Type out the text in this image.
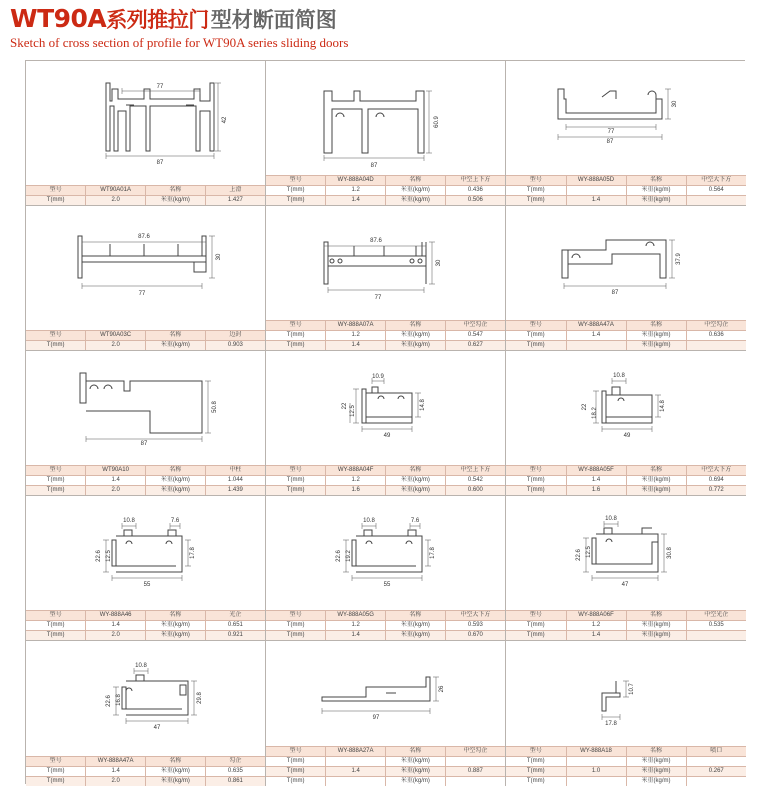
WT90A 系列推拉门 型材断面简图
Sketch of cross section of profile for WT90A series sliding doors
77
42
87
型号	WT90A01A	名称	上滑
T(mm)	2.0	米重(kg/m)	1.427
60.9
87
型号	WY-888A04D	名称	中空上下方
T(mm)	1.2	米重(kg/m)	0.436
T(mm)	1.4	米重(kg/m)	0.506
77
87
30
型号	WY-888A05D	名称	中空大下方
T(mm)		米重(kg/m)	0.564
T(mm)	1.4	米重(kg/m)	
87.6
30
77
型号	WT90A03C	名称	边封
T(mm)	2.0	米重(kg/m)	0.903
87.6
30
77
型号	WY-888A07A	名称	中空勾企
T(mm)	1.2	米重(kg/m)	0.547
T(mm)	1.4	米重(kg/m)	0.627
87
37.9
型号	WY-888A47A	名称	中空勾企
T(mm)	1.4	米重(kg/m)	0.636
T(mm)		米重(kg/m)	
87
50.8
型号	WT90A10	名称	中柱
T(mm)	1.4	米重(kg/m)	1.044
T(mm)	2.0	米重(kg/m)	1.439
10.9
22 12.5
14.8
49
型号	WY-888A04F	名称	中空上下方
T(mm)	1.2	米重(kg/m)	0.542
T(mm)	1.6	米重(kg/m)	0.600
10.8
22
18.2
14.8
49
型号	WY-888A05F	名称	中空大下方
T(mm)	1.4	米重(kg/m)	0.694
T(mm)	1.6	米重(kg/m)	0.772
10.8	7.6
22.6 12.5	17.8
55
型号	WY-888A46	名称	光企
T(mm)	1.4	米重(kg/m)	0.651
T(mm)	2.0	米重(kg/m)	0.921
10.8	7.6
22.6 19.2	17.8
55
型号	WY-888A05G	名称	中空大下方
T(mm)	1.2	米重(kg/m)	0.593
T(mm)	1.4	米重(kg/m)	0.670
10.8
22.6 12.5	30.8
47
型号	WY-888A06F	名称	中空光企
T(mm)	1.2	米重(kg/m)	0.535
T(mm)	1.4	米重(kg/m)	
10.8
22.6 16.8	29.8
47
型号	WY-888A47A	名称	勾企
T(mm)	1.4	米重(kg/m)	0.635
T(mm)	2.0	米重(kg/m)	0.861
26
97
型号	WY-888A27A	名称	中空勾企
T(mm)		米重(kg/m)	
T(mm)	1.4	米重(kg/m)	0.887
T(mm)		米重(kg/m)	
10.7
17.8
型号	WY-888A18	名称	喷口
T(mm)		米重(kg/m)	
T(mm)	1.0	米重(kg/m)	0.267
T(mm)		米重(kg/m)	
